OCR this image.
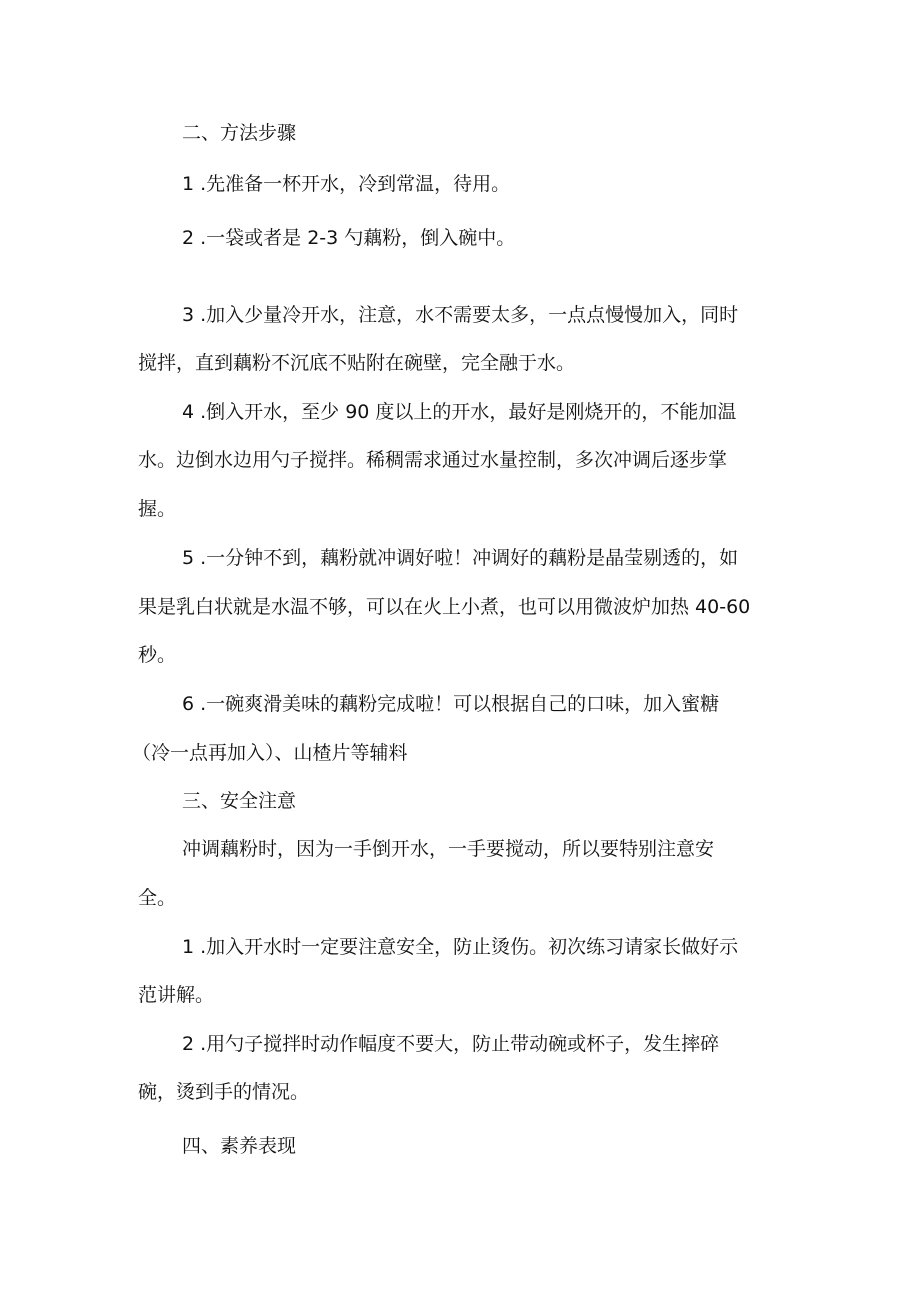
二、方法步骤
1 .先准备一杯开水，冷到常温，待用。
2 .一袋或者是 2-3 勺藕粉，倒入碗中。
3 .加入少量冷开水，注意，水不需要太多，一点点慢慢加入，同时
搅拌，直到藕粉不沉底不贴附在碗壁，完全融于水。
4 .倒入开水，至少 90 度以上的开水，最好是刚烧开的，不能加温
水。边倒水边用勺子搅拌。稀稠需求通过水量控制，多次冲调后逐步掌
握。
5 .一分钟不到，藕粉就冲调好啦！冲调好的藕粉是晶莹剔透的，如
果是乳白状就是水温不够，可以在火上小煮，也可以用微波炉加热 40-60
秒。
6 .一碗爽滑美味的藕粉完成啦！可以根据自己的口味，加入蜜糖
（冷一点再加入）、山楂片等辅料
三、安全注意
冲调藕粉时，因为一手倒开水，一手要搅动，所以要特别注意安
全。
1 .加入开水时一定要注意安全，防止烫伤。初次练习请家长做好示
范讲解。
2 .用勺子搅拌时动作幅度不要大，防止带动碗或杯子，发生摔碎
碗，烫到手的情况。
四、素养表现
